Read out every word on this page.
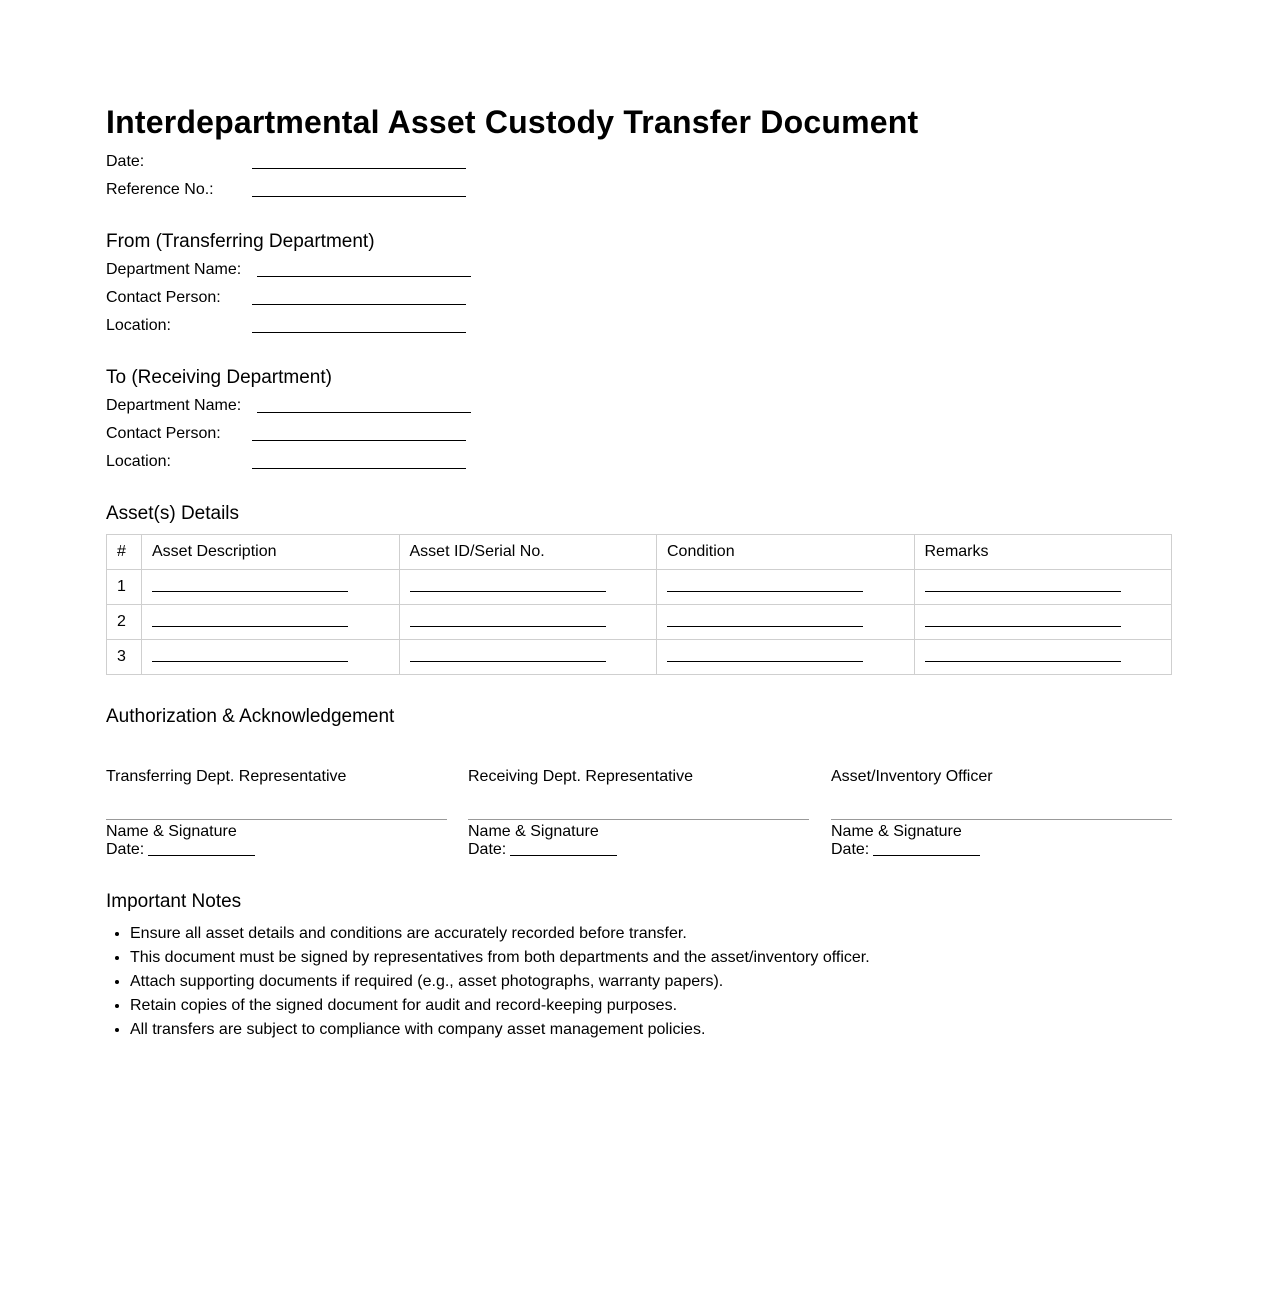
Interdepartmental Asset Custody Transfer Document
Date:
Reference No.:
From (Transferring Department)
Department Name:
Contact Person:
Location:
To (Receiving Department)
Department Name:
Contact Person:
Location:
Asset(s) Details
#	Asset Description	Asset ID/Serial No.	Condition	Remarks
1	

2	

3	

Authorization & Acknowledgement
Transferring Dept. Representative
Name & Signature
Date:
Receiving Dept. Representative
Name & Signature
Date:
Asset/Inventory Officer
Name & Signature
Date:
Important Notes
• Ensure all asset details and conditions are accurately recorded before transfer.
• This document must be signed by representatives from both departments and the asset/inventory officer.
• Attach supporting documents if required (e.g., asset photographs, warranty papers).
• Retain copies of the signed document for audit and record-keeping purposes.
• All transfers are subject to compliance with company asset management policies.
